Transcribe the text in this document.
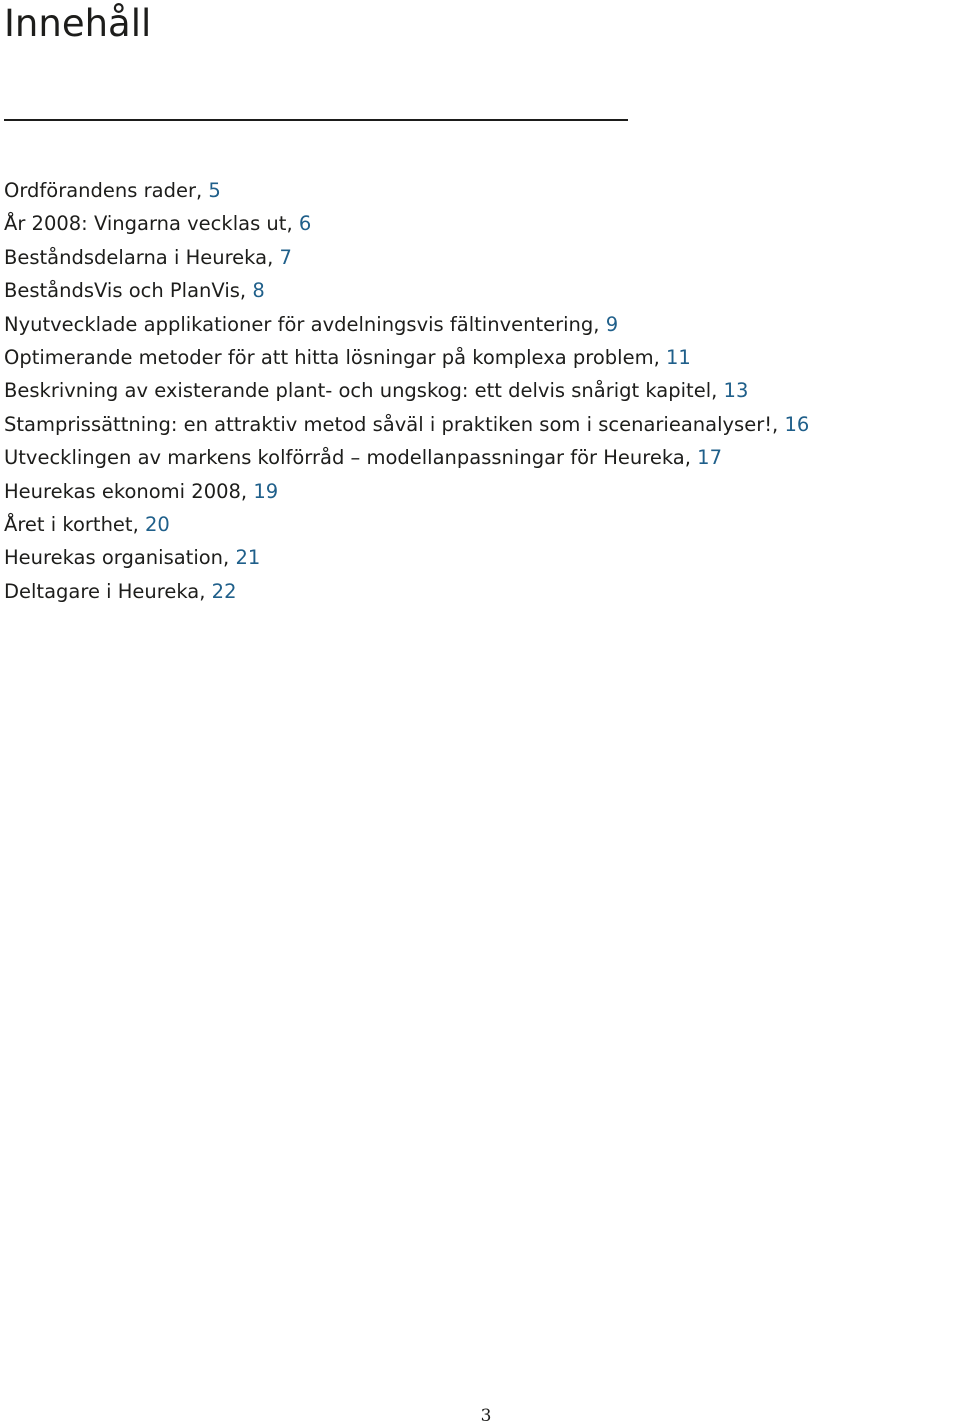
Innehåll
Ordförandens rader, 5
År 2008: Vingarna vecklas ut, 6
Beståndsdelarna i Heureka, 7
BeståndsVis och PlanVis, 8
Nyutvecklade applikationer för avdelningsvis fältinventering, 9
Optimerande metoder för att hitta lösningar på komplexa problem, 11
Beskrivning av existerande plant- och ungskog: ett delvis snårigt kapitel, 13
Stamprissättning: en attraktiv metod såväl i praktiken som i scenarieanalyser!, 16
Utvecklingen av markens kolförråd – modellanpassningar för Heureka, 17
Heurekas ekonomi 2008, 19
Året i korthet, 20
Heurekas organisation, 21
Deltagare i Heureka, 22
3
